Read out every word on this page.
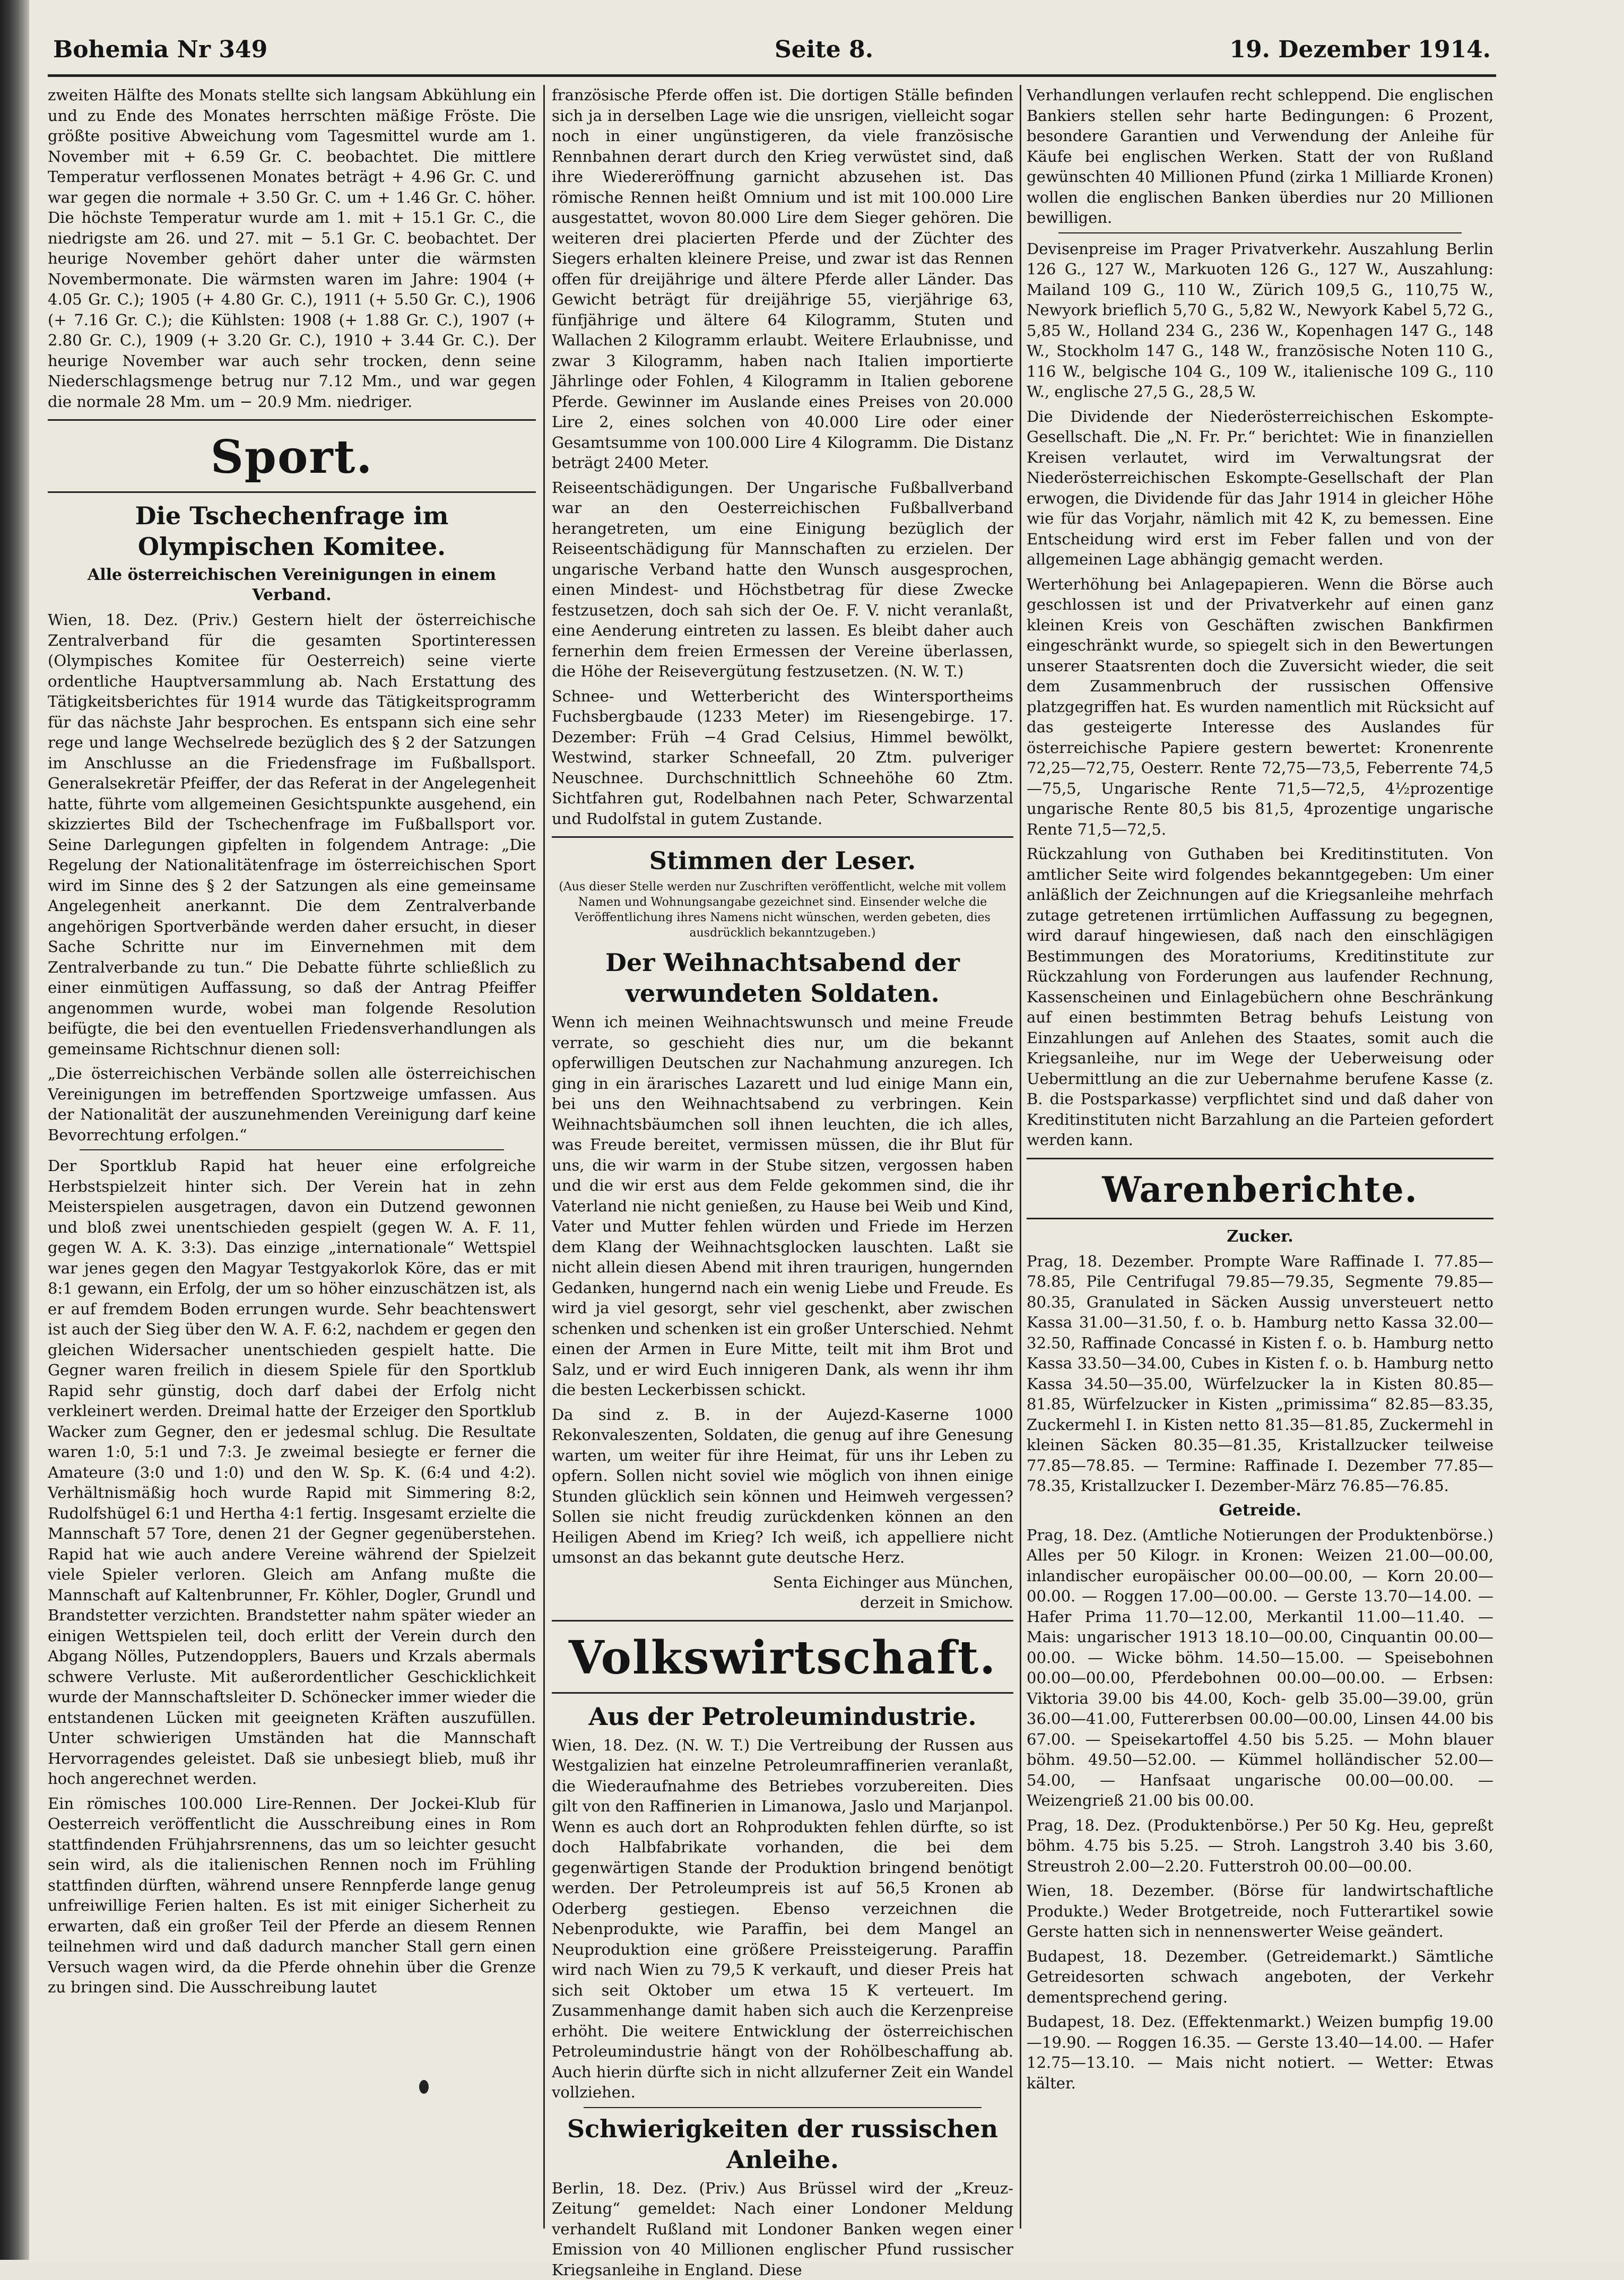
Bohemia Nr 349	Seite 8.	19. Dezember 1914.

zweiten Hälfte des Monats stellte sich langsam Abkühlung ein und zu Ende des Monates herrschten mäßige Fröste. Die größte positive Abweichung vom Tagesmittel wurde am 1. November mit + 6.59 Gr. C. beobachtet. Die mittlere Temperatur verflossenen Monates beträgt + 4.96 Gr. C. und war gegen die normale + 3.50 Gr. C. um + 1.46 Gr. C. höher. Die höchste Temperatur wurde am 1. mit + 15.1 Gr. C., die niedrigste am 26. und 27. mit − 5.1 Gr. C. beobachtet. Der heurige November gehört daher unter die wärmsten Novembermonate. Die wärmsten waren im Jahre: 1904 (+ 4.05 Gr. C.); 1905 (+ 4.80 Gr. C.), 1911 (+ 5.50 Gr. C.), 1906 (+ 7.16 Gr. C.); die Kühlsten: 1908 (+ 1.88 Gr. C.), 1907 (+ 2.80 Gr. C.), 1909 (+ 3.20 Gr. C.), 1910 + 3.44 Gr. C.). Der heurige November war auch sehr trocken, denn seine Niederschlagsmenge betrug nur 7.12 Mm., und war gegen die normale 28 Mm. um − 20.9 Mm. niedriger.

Sport.
Die Tschechenfrage im Olympischen Komitee.
Alle österreichischen Vereinigungen in einem Verband.

Wien, 18. Dez. (Priv.) Gestern hielt der österreichische Zentralverband für die gesamten Sportinteressen (Olympisches Komitee für Oesterreich) seine vierte ordentliche Hauptversammlung ab. Nach Erstattung des Tätigkeitsberichtes für 1914 wurde das Tätigkeitsprogramm für das nächste Jahr besprochen. Es entspann sich eine sehr rege und lange Wechselrede bezüglich des § 2 der Satzungen im Anschlusse an die Friedensfrage im Fußballsport. Generalsekretär Pfeiffer, der das Referat in der Angelegenheit hatte, führte vom allgemeinen Gesichtspunkte ausgehend, ein skizziertes Bild der Tschechenfrage im Fußballsport vor. Seine Darlegungen gipfelten in folgendem Antrage: „Die Regelung der Nationalitätenfrage im österreichischen Sport wird im Sinne des § 2 der Satzungen als eine gemeinsame Angelegenheit anerkannt. Die dem Zentralverbande angehörigen Sportverbände werden daher ersucht, in dieser Sache Schritte nur im Einvernehmen mit dem Zentralverbande zu tun.“ Die Debatte führte schließlich zu einer einmütigen Auffassung, so daß der Antrag Pfeiffer angenommen wurde, wobei man folgende Resolution beifügte, die bei den eventuellen Friedensverhandlungen als gemeinsame Richtschnur dienen soll:

„Die österreichischen Verbände sollen alle österreichischen Vereinigungen im betreffenden Sportzweige umfassen. Aus der Nationalität der auszunehmenden Vereinigung darf keine Bevorrechtung erfolgen.“

Der Sportklub Rapid hat heuer eine erfolgreiche Herbstspielzeit hinter sich. Der Verein hat in zehn Meisterspielen ausgetragen, davon ein Dutzend gewonnen und bloß zwei unentschieden gespielt (gegen W. A. F. 11, gegen W. A. K. 3:3). Das einzige „internationale“ Wettspiel war jenes gegen den Magyar Testgyakorlok Köre, das er mit 8:1 gewann, ein Erfolg, der um so höher einzuschätzen ist, als er auf fremdem Boden errungen wurde. Sehr beachtenswert ist auch der Sieg über den W. A. F. 6:2, nachdem er gegen den gleichen Widersacher unentschieden gespielt hatte. Die Gegner waren freilich in diesem Spiele für den Sportklub Rapid sehr günstig, doch darf dabei der Erfolg nicht verkleinert werden. Dreimal hatte der Erzeiger den Sportklub Wacker zum Gegner, den er jedesmal schlug. Die Resultate waren 1:0, 5:1 und 7:3. Je zweimal besiegte er ferner die Amateure (3:0 und 1:0) und den W. Sp. K. (6:4 und 4:2). Verhältnismäßig hoch wurde Rapid mit Simmering 8:2, Rudolfshügel 6:1 und Hertha 4:1 fertig. Insgesamt erzielte die Mannschaft 57 Tore, denen 21 der Gegner gegenüberstehen. Rapid hat wie auch andere Vereine während der Spielzeit viele Spieler verloren. Gleich am Anfang mußte die Mannschaft auf Kaltenbrunner, Fr. Köhler, Dogler, Grundl und Brandstetter verzichten. Brandstetter nahm später wieder an einigen Wettspielen teil, doch erlitt der Verein durch den Abgang Nölles, Putzendopplers, Bauers und Krzals abermals schwere Verluste. Mit außerordentlicher Geschicklichkeit wurde der Mannschaftsleiter D. Schönecker immer wieder die entstandenen Lücken mit geeigneten Kräften auszufüllen. Unter schwierigen Umständen hat die Mannschaft Hervorragendes geleistet. Daß sie unbesiegt blieb, muß ihr hoch angerechnet werden.

Ein römisches 100.000 Lire-Rennen. Der Jockei-Klub für Oesterreich veröffentlicht die Ausschreibung eines in Rom stattfindenden Frühjahrsrennens, das um so leichter gesucht sein wird, als die italienischen Rennen noch im Frühling stattfinden dürften, während unsere Rennpferde lange genug unfreiwillige Ferien halten. Es ist mit einiger Sicherheit zu erwarten, daß ein großer Teil der Pferde an diesem Rennen teilnehmen wird und daß dadurch mancher Stall gern einen Versuch wagen wird, da die Pferde ohnehin über die Grenze zu bringen sind. Die Ausschreibung lautet

französische Pferde offen ist. Die dortigen Ställe befinden sich ja in derselben Lage wie die unsrigen, vielleicht sogar noch in einer ungünstigeren, da viele französische Rennbahnen derart durch den Krieg verwüstet sind, daß ihre Wiedereröffnung garnicht abzusehen ist. Das römische Rennen heißt Omnium und ist mit 100.000 Lire ausgestattet, wovon 80.000 Lire dem Sieger gehören. Die weiteren drei placierten Pferde und der Züchter des Siegers erhalten kleinere Preise, und zwar ist das Rennen offen für dreijährige und ältere Pferde aller Länder. Das Gewicht beträgt für dreijährige 55, vierjährige 63, fünfjährige und ältere 64 Kilogramm, Stuten und Wallachen 2 Kilogramm erlaubt. Weitere Erlaubnisse, und zwar 3 Kilogramm, haben nach Italien importierte Jährlinge oder Fohlen, 4 Kilogramm in Italien geborene Pferde. Gewinner im Auslande eines Preises von 20.000 Lire 2, eines solchen von 40.000 Lire oder einer Gesamtsumme von 100.000 Lire 4 Kilogramm. Die Distanz beträgt 2400 Meter.

Reiseentschädigungen. Der Ungarische Fußballverband war an den Oesterreichischen Fußballverband herangetreten, um eine Einigung bezüglich der Reiseentschädigung für Mannschaften zu erzielen. Der ungarische Verband hatte den Wunsch ausgesprochen, einen Mindest- und Höchstbetrag für diese Zwecke festzusetzen, doch sah sich der Oe. F. V. nicht veranlaßt, eine Aenderung eintreten zu lassen. Es bleibt daher auch fernerhin dem freien Ermessen der Vereine überlassen, die Höhe der Reisevergütung festzusetzen. (N. W. T.)

Schnee- und Wetterbericht des Wintersportheims Fuchsbergbaude (1233 Meter) im Riesengebirge. 17. Dezember: Früh −4 Grad Celsius, Himmel bewölkt, Westwind, starker Schneefall, 20 Ztm. pulveriger Neuschnee. Durchschnittlich Schneehöhe 60 Ztm. Sichtfahren gut, Rodelbahnen nach Peter, Schwarzental und Rudolfstal in gutem Zustande.

Stimmen der Leser.
(Aus dieser Stelle werden nur Zuschriften veröffentlicht, welche mit vollem Namen und Wohnungsangabe gezeichnet sind. Einsender welche die Veröffentlichung ihres Namens nicht wünschen, werden gebeten, dies ausdrücklich bekanntzugeben.)
Der Weihnachtsabend der verwundeten Soldaten.

Wenn ich meinen Weihnachtswunsch und meine Freude verrate, so geschieht dies nur, um die bekannt opferwilligen Deutschen zur Nachahmung anzuregen. Ich ging in ein ärarisches Lazarett und lud einige Mann ein, bei uns den Weihnachtsabend zu verbringen. Kein Weihnachtsbäumchen soll ihnen leuchten, die ich alles, was Freude bereitet, vermissen müssen, die ihr Blut für uns, die wir warm in der Stube sitzen, vergossen haben und die wir erst aus dem Felde gekommen sind, die ihr Vaterland nie nicht genießen, zu Hause bei Weib und Kind, Vater und Mutter fehlen würden und Friede im Herzen dem Klang der Weihnachtsglocken lauschten. Laßt sie nicht allein diesen Abend mit ihren traurigen, hungernden Gedanken, hungernd nach ein wenig Liebe und Freude. Es wird ja viel gesorgt, sehr viel geschenkt, aber zwischen schenken und schenken ist ein großer Unterschied. Nehmt einen der Armen in Eure Mitte, teilt mit ihm Brot und Salz, und er wird Euch innigeren Dank, als wenn ihr ihm die besten Leckerbissen schickt.

Da sind z. B. in der Aujezd-Kaserne 1000 Rekonvaleszenten, Soldaten, die genug auf ihre Genesung warten, um weiter für ihre Heimat, für uns ihr Leben zu opfern. Sollen nicht soviel wie möglich von ihnen einige Stunden glücklich sein können und Heimweh vergessen? Sollen sie nicht freudig zurückdenken können an den Heiligen Abend im Krieg? Ich weiß, ich appelliere nicht umsonst an das bekannt gute deutsche Herz.

Senta Eichinger aus München,
derzeit in Smichow.
Volkswirtschaft.
Aus der Petroleumindustrie.

Wien, 18. Dez. (N. W. T.) Die Vertreibung der Russen aus Westgalizien hat einzelne Petroleumraffinerien veranlaßt, die Wiederaufnahme des Betriebes vorzubereiten. Dies gilt von den Raffinerien in Limanowa, Jaslo und Marjanpol. Wenn es auch dort an Rohprodukten fehlen dürfte, so ist doch Halbfabrikate vorhanden, die bei dem gegenwärtigen Stande der Produktion bringend benötigt werden. Der Petroleumpreis ist auf 56,5 Kronen ab Oderberg gestiegen. Ebenso verzeichnen die Nebenprodukte, wie Paraffin, bei dem Mangel an Neuproduktion eine größere Preissteigerung. Paraffin wird nach Wien zu 79,5 K verkauft, und dieser Preis hat sich seit Oktober um etwa 15 K verteuert. Im Zusammenhange damit haben sich auch die Kerzenpreise erhöht. Die weitere Entwicklung der österreichischen Petroleumindustrie hängt von der Rohölbeschaffung ab. Auch hierin dürfte sich in nicht allzuferner Zeit ein Wandel vollziehen.

Schwierigkeiten der russischen Anleihe.

Berlin, 18. Dez. (Priv.) Aus Brüssel wird der „Kreuz-Zeitung“ gemeldet: Nach einer Londoner Meldung verhandelt Rußland mit Londoner Banken wegen einer Emission von 40 Millionen englischer Pfund russischer Kriegsanleihe in England. Diese

Verhandlungen verlaufen recht schleppend. Die englischen Bankiers stellen sehr harte Bedingungen: 6 Prozent, besondere Garantien und Verwendung der Anleihe für Käufe bei englischen Werken. Statt der von Rußland gewünschten 40 Millionen Pfund (zirka 1 Milliarde Kronen) wollen die englischen Banken überdies nur 20 Millionen bewilligen.

Devisenpreise im Prager Privatverkehr. Auszahlung Berlin 126 G., 127 W., Markuoten 126 G., 127 W., Auszahlung: Mailand 109 G., 110 W., Zürich 109,5 G., 110,75 W., Newyork brieflich 5,70 G., 5,82 W., Newyork Kabel 5,72 G., 5,85 W., Holland 234 G., 236 W., Kopenhagen 147 G., 148 W., Stockholm 147 G., 148 W., französische Noten 110 G., 116 W., belgische 104 G., 109 W., italienische 109 G., 110 W., englische 27,5 G., 28,5 W.

Die Dividende der Niederösterreichischen Eskompte-Gesellschaft. Die „N. Fr. Pr.“ berichtet: Wie in finanziellen Kreisen verlautet, wird im Verwaltungsrat der Niederösterreichischen Eskompte-Gesellschaft der Plan erwogen, die Dividende für das Jahr 1914 in gleicher Höhe wie für das Vorjahr, nämlich mit 42 K, zu bemessen. Eine Entscheidung wird erst im Feber fallen und von der allgemeinen Lage abhängig gemacht werden.

Werterhöhung bei Anlagepapieren. Wenn die Börse auch geschlossen ist und der Privatverkehr auf einen ganz kleinen Kreis von Geschäften zwischen Bankfirmen eingeschränkt wurde, so spiegelt sich in den Bewertungen unserer Staatsrenten doch die Zuversicht wieder, die seit dem Zusammenbruch der russischen Offensive platzgegriffen hat. Es wurden namentlich mit Rücksicht auf das gesteigerte Interesse des Auslandes für österreichische Papiere gestern bewertet: Kronenrente 72,25—72,75, Oesterr. Rente 72,75—73,5, Feberrente 74,5—75,5, Ungarische Rente 71,5—72,5, 4½prozentige ungarische Rente 80,5 bis 81,5, 4prozentige ungarische Rente 71,5—72,5.

Rückzahlung von Guthaben bei Kreditinstituten. Von amtlicher Seite wird folgendes bekanntgegeben: Um einer anläßlich der Zeichnungen auf die Kriegsanleihe mehrfach zutage getretenen irrtümlichen Auffassung zu begegnen, wird darauf hingewiesen, daß nach den einschlägigen Bestimmungen des Moratoriums, Kreditinstitute zur Rückzahlung von Forderungen aus laufender Rechnung, Kassenscheinen und Einlagebüchern ohne Beschränkung auf einen bestimmten Betrag behufs Leistung von Einzahlungen auf Anlehen des Staates, somit auch die Kriegsanleihe, nur im Wege der Ueberweisung oder Uebermittlung an die zur Uebernahme berufene Kasse (z. B. die Postsparkasse) verpflichtet sind und daß daher von Kreditinstituten nicht Barzahlung an die Parteien gefordert werden kann.

Warenberichte.
Zucker.

Prag, 18. Dezember. Prompte Ware Raffinade I. 77.85—78.85, Pile Centrifugal 79.85—79.35, Segmente 79.85—80.35, Granulated in Säcken Aussig unversteuert netto Kassa 31.00—31.50, f. o. b. Hamburg netto Kassa 32.00—32.50, Raffinade Concassé in Kisten f. o. b. Hamburg netto Kassa 33.50—34.00, Cubes in Kisten f. o. b. Hamburg netto Kassa 34.50—35.00, Würfelzucker la in Kisten 80.85—81.85, Würfelzucker in Kisten „primissima“ 82.85—83.35, Zuckermehl I. in Kisten netto 81.35—81.85, Zuckermehl in kleinen Säcken 80.35—81.35, Kristallzucker teilweise 77.85—78.85. — Termine: Raffinade I. Dezember 77.85—78.35, Kristallzucker I. Dezember-März 76.85—76.85.

Getreide.

Prag, 18. Dez. (Amtliche Notierungen der Produktenbörse.) Alles per 50 Kilogr. in Kronen: Weizen 21.00—00.00, inlandischer europäischer 00.00—00.00, — Korn 20.00—00.00. — Roggen 17.00—00.00. — Gerste 13.70—14.00. — Hafer Prima 11.70—12.00, Merkantil 11.00—11.40. — Mais: ungarischer 1913 18.10—00.00, Cinquantin 00.00—00.00. — Wicke böhm. 14.50—15.00. — Speisebohnen 00.00—00.00, Pferdebohnen 00.00—00.00. — Erbsen: Viktoria 39.00 bis 44.00, Koch- gelb 35.00—39.00, grün 36.00—41.00, Futtererbsen 00.00—00.00, Linsen 44.00 bis 67.00. — Speisekartoffel 4.50 bis 5.25. — Mohn blauer böhm. 49.50—52.00. — Kümmel holländischer 52.00—54.00, — Hanfsaat ungarische 00.00—00.00. — Weizengrieß 21.00 bis 00.00.

Prag, 18. Dez. (Produktenbörse.) Per 50 Kg. Heu, gepreßt böhm. 4.75 bis 5.25. — Stroh. Langstroh 3.40 bis 3.60, Streustroh 2.00—2.20. Futterstroh 00.00—00.00.

Wien, 18. Dezember. (Börse für landwirtschaftliche Produkte.) Weder Brotgetreide, noch Futterartikel sowie Gerste hatten sich in nennenswerter Weise geändert.

Budapest, 18. Dezember. (Getreidemarkt.) Sämtliche Getreidesorten schwach angeboten, der Verkehr dementsprechend gering.

Budapest, 18. Dez. (Effektenmarkt.) Weizen bumpfig 19.00—19.90. — Roggen 16.35. — Gerste 13.40—14.00. — Hafer 12.75—13.10. — Mais nicht notiert. — Wetter: Etwas kälter.
